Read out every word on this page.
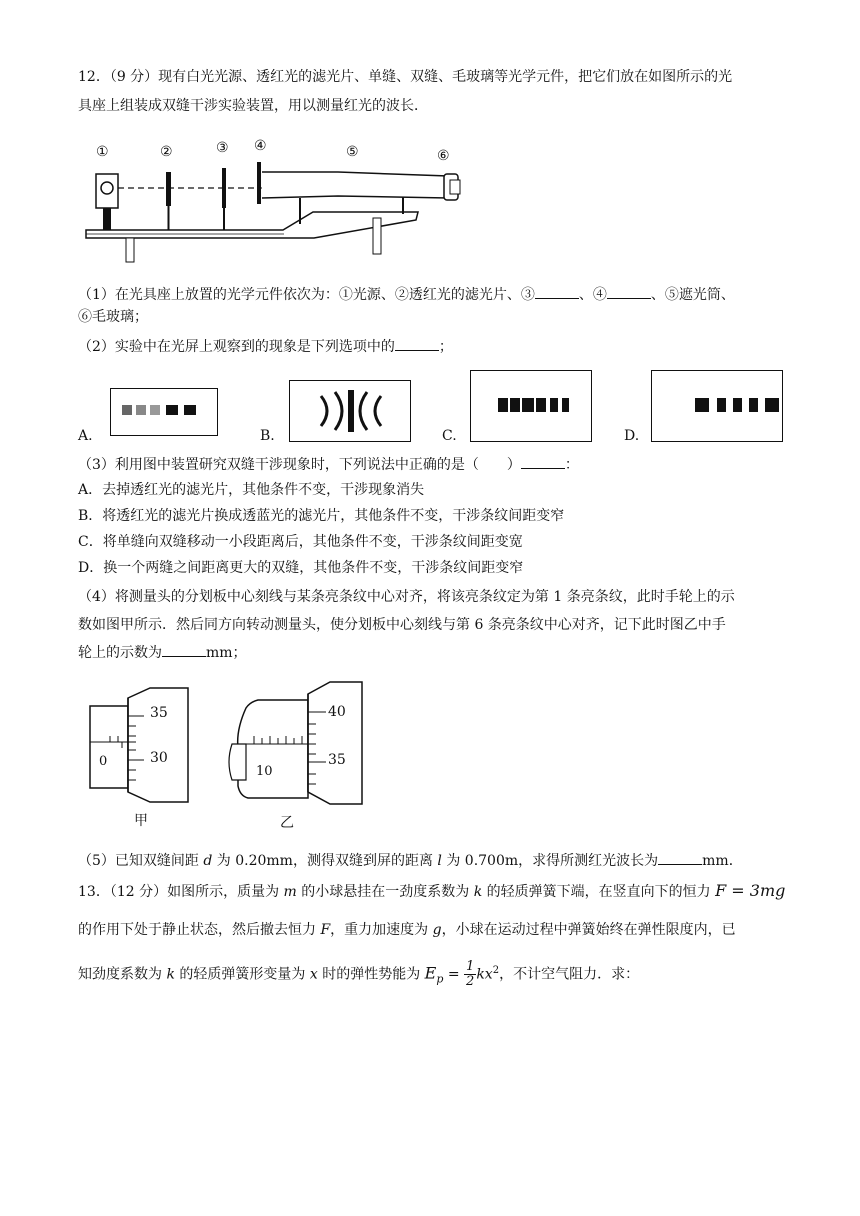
12．（9 分）现有白光光源、透红光的滤光片、单缝、双缝、毛玻璃等光学元件，把它们放在如图所示的光
具座上组装成双缝干涉实验装置，用以测量红光的波长．
①	②	③ ④	⑤	⑥
（1）在光具座上放置的光学元件依次为：①光源、②透红光的滤光片、③	、④	、⑤遮光筒、
⑥毛玻璃；
（2）实验中在光屏上观察到的现象是下列选项中的	；
A.	B.	C.	D.
（3）利用图中装置研究双缝干涉现象时，下列说法中正确的是（　　）	：
A．去掉透红光的滤光片，其他条件不变，干涉现象消失
B．将透红光的滤光片换成透蓝光的滤光片，其他条件不变，干涉条纹间距变窄
C．将单缝向双缝移动一小段距离后，其他条件不变，干涉条纹间距变宽
D．换一个两缝之间距离更大的双缝，其他条件不变，干涉条纹间距变窄
（4）将测量头的分划板中心刻线与某条亮条纹中心对齐，将该亮条纹定为第 1 条亮条纹，此时手轮上的示
数如图甲所示．然后同方向转动测量头，使分划板中心刻线与第 6 条亮条纹中心对齐，记下此时图乙中手
轮上的示数为	mm；
35
30
0
甲
40
35
10
乙
（5）已知双缝间距 d 为 0.20mm，测得双缝到屏的距离 l 为 0.700m，求得所测红光波长为	mm．
13．（12 分）如图所示，质量为 m 的小球悬挂在一劲度系数为 k 的轻质弹簧下端，在竖直向下的恒力 F = 3mg
的作用下处于静止状态，然后撤去恒力 F，重力加速度为 g，小球在运动过程中弹簧始终在弹性限度内，已
知劲度系数为 k 的轻质弹簧形变量为 x 时的弹性势能为 $E_p = \frac{1}{2} kx^2$，不计空气阻力．求：
